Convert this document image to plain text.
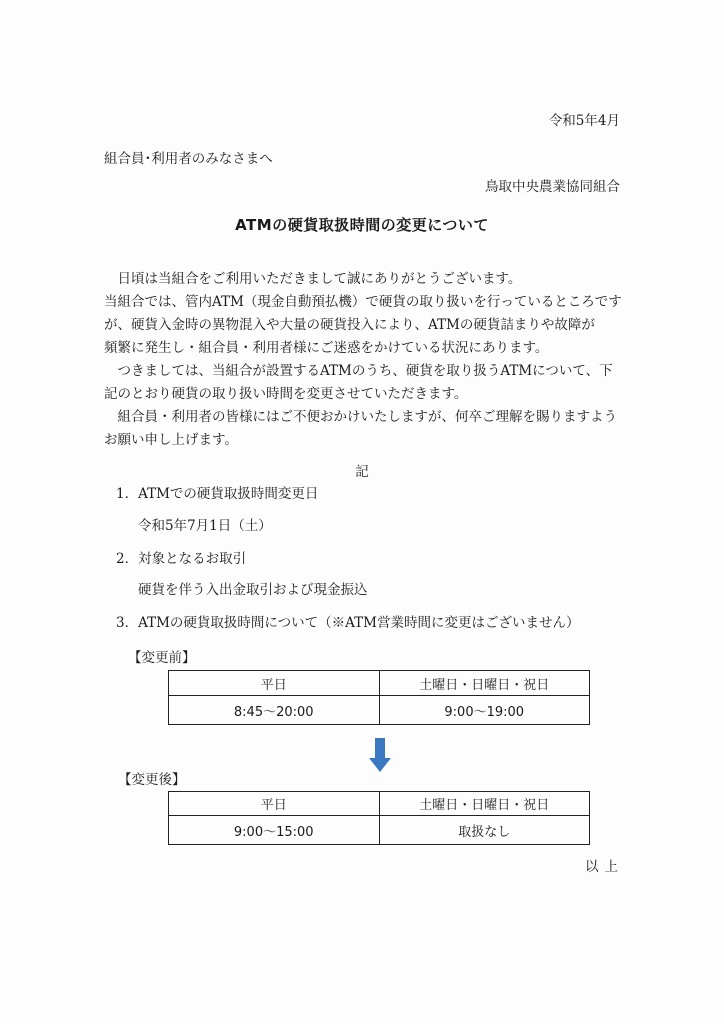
令和5年4月
組合員･利用者のみなさまへ
鳥取中央農業協同組合
ATMの硬貨取扱時間の変更について
　日頃は当組合をご利用いただきまして誠にありがとうございます。
当組合では、管内ATM（現金自動預払機）で硬貨の取り扱いを行っているところです
が、硬貨入金時の異物混入や大量の硬貨投入により、ATMの硬貨詰まりや故障が
頻繁に発生し・組合員・利用者様にご迷惑をかけている状況にあります。
　つきましては、当組合が設置するATMのうち、硬貨を取り扱うATMについて、下
記のとおり硬貨の取り扱い時間を変更させていただきます。
　組合員・利用者の皆様にはご不便おかけいたしますが、何卒ご理解を賜りますよう
お願い申し上げます。
記
1．ATMでの硬貨取扱時間変更日
令和5年7月1日（土）
2．対象となるお取引
硬貨を伴う入出金取引および現金振込
3．ATMの硬貨取扱時間について（※ATM営業時間に変更はございません）
【変更前】
平日	土曜日・日曜日・祝日
8:45～20:00	9:00～19:00
【変更後】
平日	土曜日・日曜日・祝日
9:00～15:00	取扱なし
以上
